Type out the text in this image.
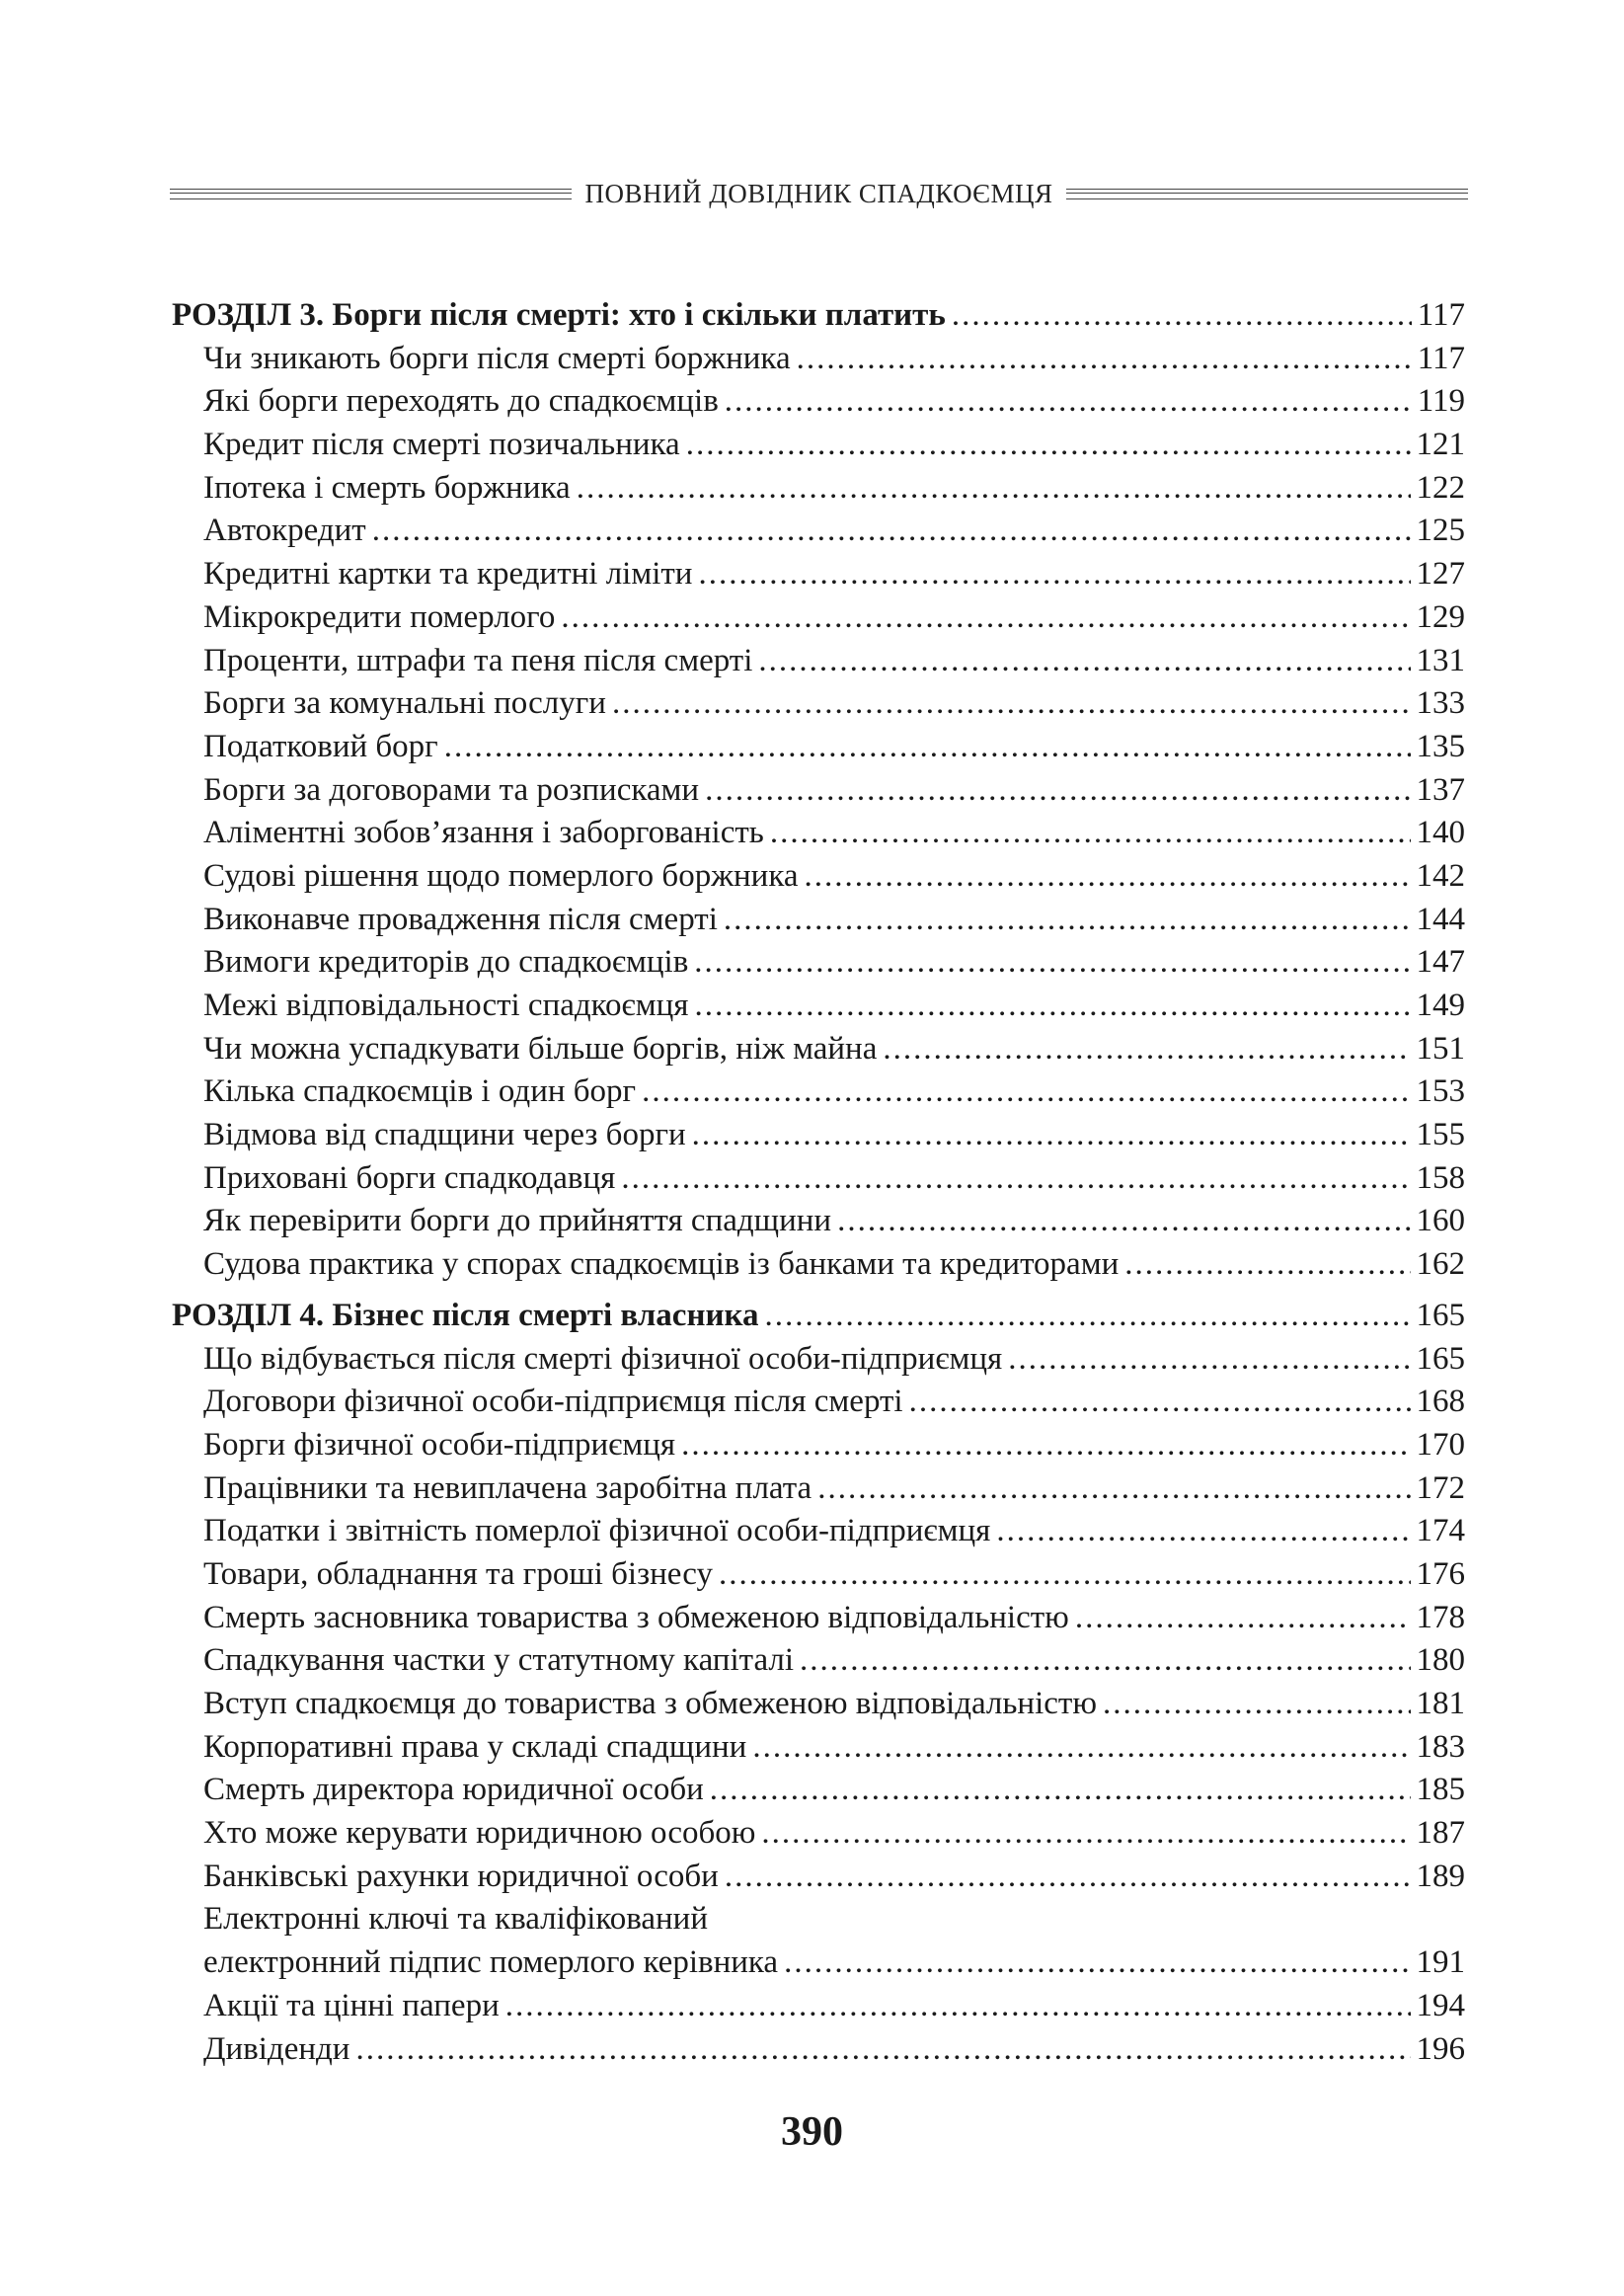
ПОВНИЙ ДОВІДНИК СПАДКОЄМЦЯ
РОЗДІЛ 3. Борги після смерті: хто і скільки платить .....	117
Чи зникають борги після смерті боржника .....	117
Які борги переходять до спадкоємців .....	119
Кредит після смерті позичальника .....	121
Іпотека і смерть боржника .....	122
Автокредит .....	125
Кредитні картки та кредитні ліміти .....	127
Мікрокредити померлого .....	129
Проценти, штрафи та пеня після смерті .....	131
Борги за комунальні послуги .....	133
Податковий борг .....	135
Борги за договорами та розписками .....	137
Аліментні зобов’язання і заборгованість .....	140
Судові рішення щодо померлого боржника .....	142
Виконавче провадження після смерті .....	144
Вимоги кредиторів до спадкоємців .....	147
Межі відповідальності спадкоємця .....	149
Чи можна успадкувати більше боргів, ніж майна .....	151
Кілька спадкоємців і один борг .....	153
Відмова від спадщини через борги .....	155
Приховані борги спадкодавця .....	158
Як перевірити борги до прийняття спадщини .....	160
Судова практика у спорах спадкоємців із банками та кредиторами .....	162
РОЗДІЛ 4. Бізнес після смерті власника .....	165
Що відбувається після смерті фізичної особи-підприємця .....	165
Договори фізичної особи-підприємця після смерті .....	168
Борги фізичної особи-підприємця .....	170
Працівники та невиплачена заробітна плата .....	172
Податки і звітність померлої фізичної особи-підприємця .....	174
Товари, обладнання та гроші бізнесу .....	176
Смерть засновника товариства з обмеженою відповідальністю .....	178
Спадкування частки у статутному капіталі .....	180
Вступ спадкоємця до товариства з обмеженою відповідальністю .....	181
Корпоративні права у складі спадщини .....	183
Смерть директора юридичної особи .....	185
Хто може керувати юридичною особою .....	187
Банківські рахунки юридичної особи .....	189
Електронні ключі та кваліфікований
електронний підпис померлого керівника .....	191
Акції та цінні папери .....	194
Дивіденди .....	196
390
